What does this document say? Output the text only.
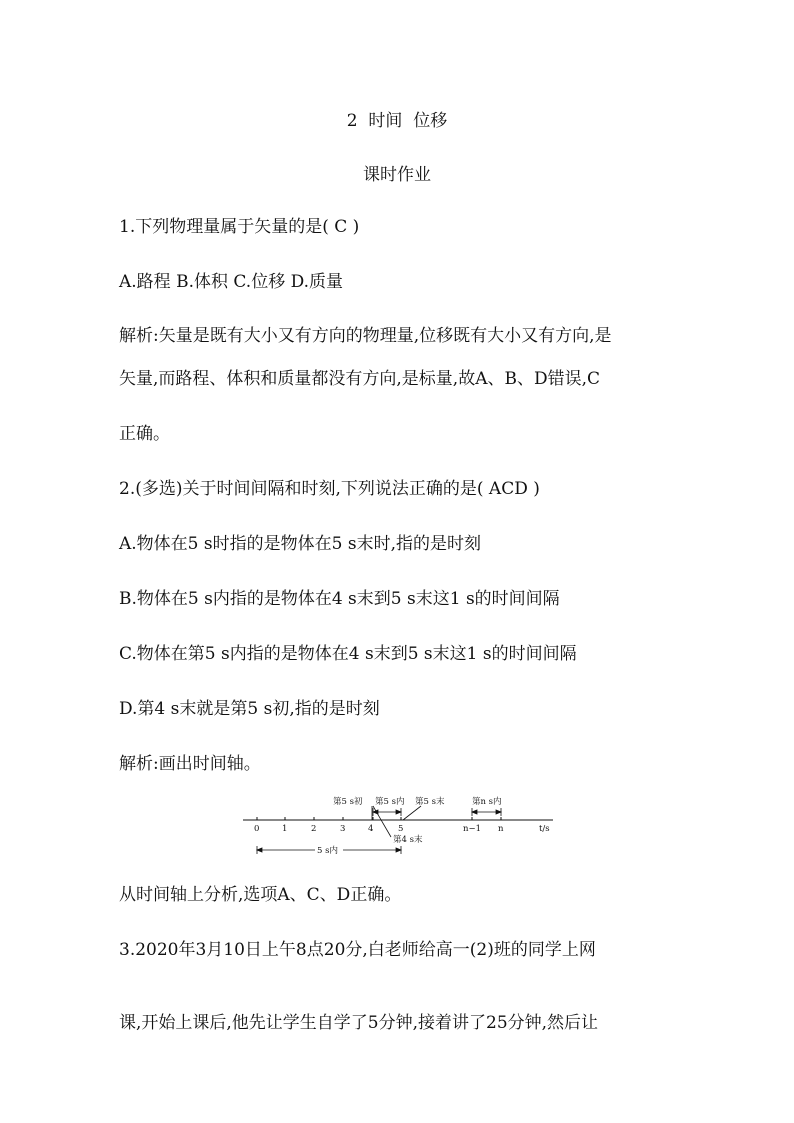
2  时间  位移
课时作业
1.下列物理量属于矢量的是( C )
A.路程 B.体积 C.位移 D.质量
解析:矢量是既有大小又有方向的物理量,位移既有大小又有方向,是
矢量,而路程、体积和质量都没有方向,是标量,故A、B、D错误,C
正确。
2.(多选)关于时间间隔和时刻,下列说法正确的是( ACD )
A.物体在5 s时指的是物体在5 s末时,指的是时刻
B.物体在5 s内指的是物体在4 s末到5 s末这1 s的时间间隔
C.物体在第5 s内指的是物体在4 s末到5 s末这1 s的时间间隔
D.第4 s末就是第5 s初,指的是时刻
解析:画出时间轴。
0	1	2	3	4	5	n−1 n	t/s
第5 s初 第5 s内 第5 s末	第n s内
第4 s末
5 s内
从时间轴上分析,选项A、C、D正确。
3.2020年3月10日上午8点20分,白老师给高一(2)班的同学上网
课,开始上课后,他先让学生自学了5分钟,接着讲了25分钟,然后让
